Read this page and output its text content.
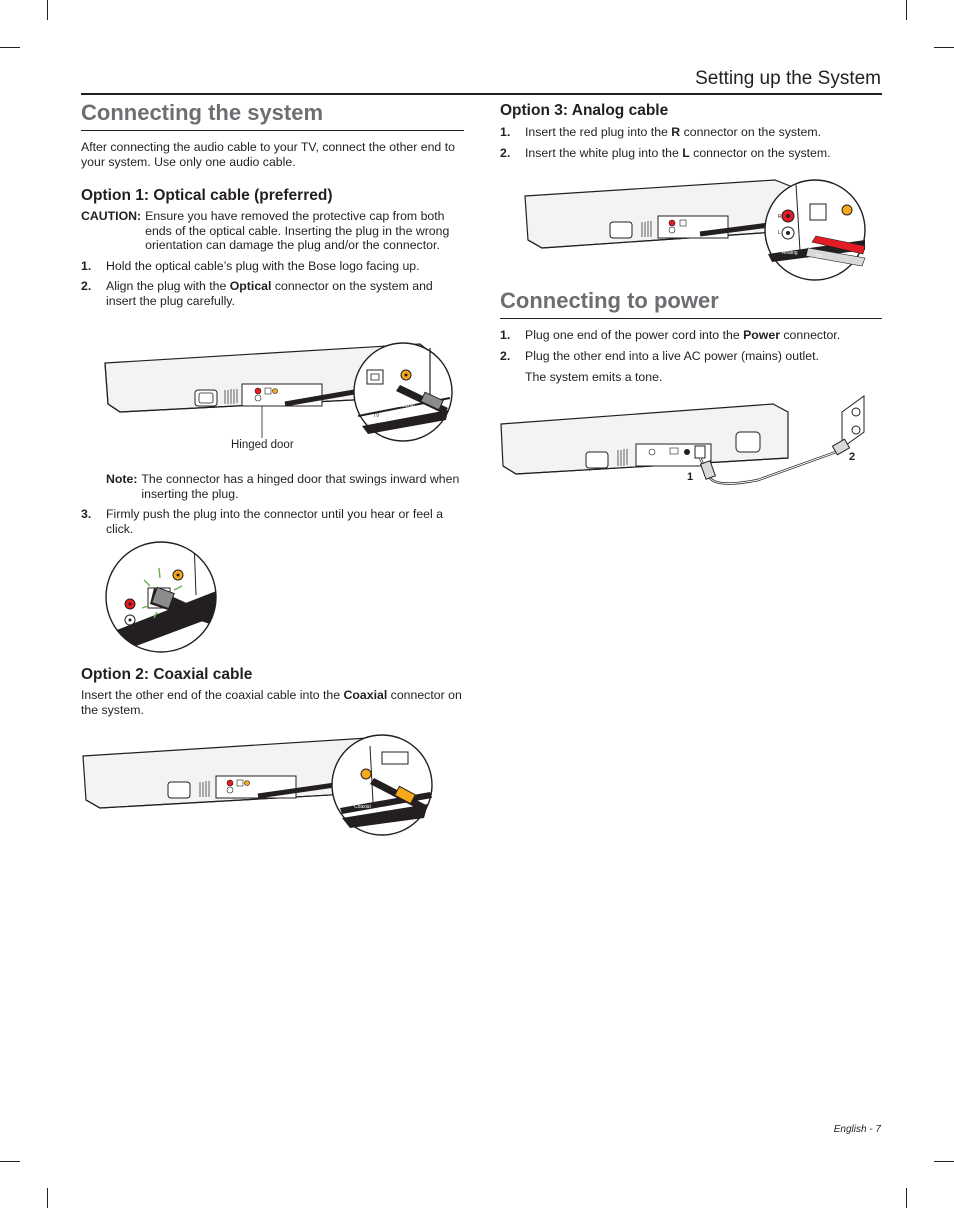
Setting up the System
Connecting the system

After connecting the audio cable to your TV, connect the other end to your system. Use only one audio cable.

Option 1: Optical cable (preferred)
CAUTION: Ensure you have removed the protective cap from both ends of the optical cable. Inserting the plug in the wrong orientation can damage the plug and/or the connector.
1.	Hold the optical cable’s plug with the Bose logo facing up.
2.	Align the plug with the Optical connector on the system and insert the plug carefully.
Optical	Coaxial
TV
Hinged door
Note: The connector has a hinged door that swings inward when inserting the plug.
3.	Firmly push the plug into the connector until you hear or feel a click.
Option 2: Coaxial cable

Insert the other end of the coaxial cable into the Coaxial connector on the system.

Coaxial
Option 3: Analog cable
1.	Insert the red plug into the R connector on the system.
2.	Insert the white plug into the L connector on the system.
R
L
Analog
TV
Connecting to power
1.	Plug one end of the power cord into the Power connector.
2.	Plug the other end into a live AC power (mains) outlet.

The system emits a tone.

1
2
English - 7
